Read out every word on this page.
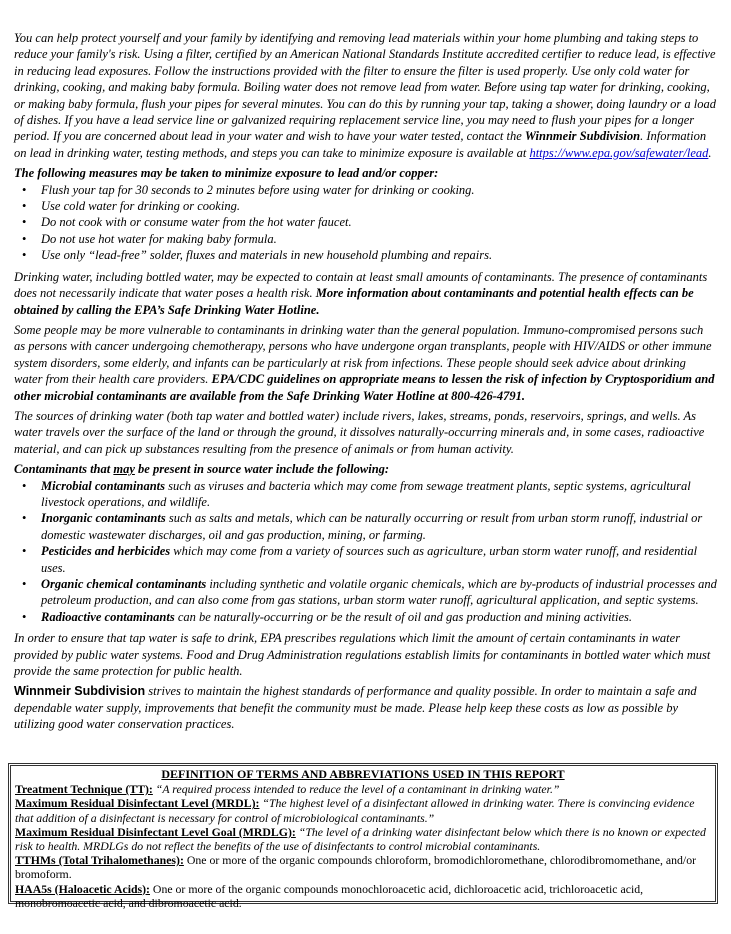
You can help protect yourself and your family by identifying and removing lead materials within your home plumbing and taking steps to reduce your family's risk. Using a filter, certified by an American National Standards Institute accredited certifier to reduce lead, is effective in reducing lead exposures. Follow the instructions provided with the filter to ensure the filter is used properly. Use only cold water for drinking, cooking, and making baby formula. Boiling water does not remove lead from water. Before using tap water for drinking, cooking, or making baby formula, flush your pipes for several minutes. You can do this by running your tap, taking a shower, doing laundry or a load of dishes. If you have a lead service line or galvanized requiring replacement service line, you may need to flush your pipes for a longer period. If you are concerned about lead in your water and wish to have your water tested, contact the Winnmeir Subdivision. Information on lead in drinking water, testing methods, and steps you can take to minimize exposure is available at https://www.epa.gov/safewater/lead.

The following measures may be taken to minimize exposure to lead and/or copper:

• Flush your tap for 30 seconds to 2 minutes before using water for drinking or cooking.
• Use cold water for drinking or cooking.
• Do not cook with or consume water from the hot water faucet.
• Do not use hot water for making baby formula.
• Use only “lead-free” solder, fluxes and materials in new household plumbing and repairs.

Drinking water, including bottled water, may be expected to contain at least small amounts of contaminants. The presence of contaminants does not necessarily indicate that water poses a health risk. More information about contaminants and potential health effects can be obtained by calling the EPA’s Safe Drinking Water Hotline.

Some people may be more vulnerable to contaminants in drinking water than the general population. Immuno-compromised persons such as persons with cancer undergoing chemotherapy, persons who have undergone organ transplants, people with HIV/AIDS or other immune system disorders, some elderly, and infants can be particularly at risk from infections. These people should seek advice about drinking water from their health care providers. EPA/CDC guidelines on appropriate means to lessen the risk of infection by Cryptosporidium and other microbial contaminants are available from the Safe Drinking Water Hotline at 800-426-4791.

The sources of drinking water (both tap water and bottled water) include rivers, lakes, streams, ponds, reservoirs, springs, and wells. As water travels over the surface of the land or through the ground, it dissolves naturally-occurring minerals and, in some cases, radioactive material, and can pick up substances resulting from the presence of animals or from human activity.

Contaminants that may be present in source water include the following:

• Microbial contaminants such as viruses and bacteria which may come from sewage treatment plants, septic systems, agricultural livestock operations, and wildlife.
• Inorganic contaminants such as salts and metals, which can be naturally occurring or result from urban storm runoff, industrial or domestic wastewater discharges, oil and gas production, mining, or farming.
• Pesticides and herbicides which may come from a variety of sources such as agriculture, urban storm water runoff, and residential uses.
• Organic chemical contaminants including synthetic and volatile organic chemicals, which are by-products of industrial processes and petroleum production, and can also come from gas stations, urban storm water runoff, agricultural application, and septic systems.
• Radioactive contaminants can be naturally-occurring or be the result of oil and gas production and mining activities.

In order to ensure that tap water is safe to drink, EPA prescribes regulations which limit the amount of certain contaminants in water provided by public water systems. Food and Drug Administration regulations establish limits for contaminants in bottled water which must provide the same protection for public health.

Winnmeir Subdivision strives to maintain the highest standards of performance and quality possible. In order to maintain a safe and dependable water supply, improvements that benefit the community must be made. Please help keep these costs as low as possible by utilizing good water conservation practices.

DEFINITION OF TERMS AND ABBREVIATIONS USED IN THIS REPORT

Treatment Technique (TT): “A required process intended to reduce the level of a contaminant in drinking water.”

Maximum Residual Disinfectant Level (MRDL): “The highest level of a disinfectant allowed in drinking water. There is convincing evidence that addition of a disinfectant is necessary for control of microbiological contaminants.”

Maximum Residual Disinfectant Level Goal (MRDLG): “The level of a drinking water disinfectant below which there is no known or expected risk to health. MRDLGs do not reflect the benefits of the use of disinfectants to control microbial contaminants.

TTHMs (Total Trihalomethanes): One or more of the organic compounds chloroform, bromodichloromethane, chlorodibromomethane, and/or bromoform.

HAA5s (Haloacetic Acids): One or more of the organic compounds monochloroacetic acid, dichloroacetic acid, trichloroacetic acid, monobromoacetic acid, and dibromoacetic acid.
